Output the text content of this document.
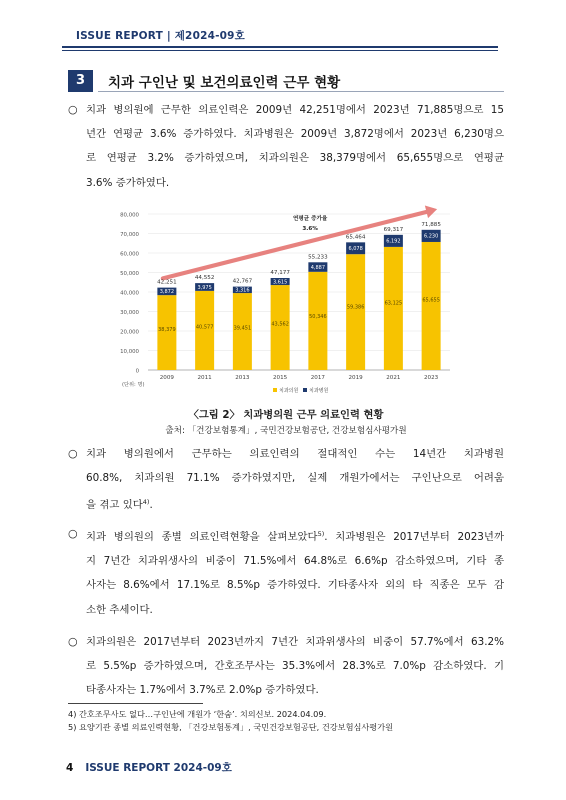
ISSUE REPORT | 제2024-09호
3	치과 구인난 및 보건의료인력 근무 현황
○ 치과 병의원에 근무한 의료인력은 2009년 42,251명에서 2023년 71,885명으로 15
년간 연평균 3.6% 증가하였다. 치과병원은 2009년 3,872명에서 2023년 6,230명으
로 연평균 3.2% 증가하였으며, 치과의원은 38,379명에서 65,655명으로 연평균
3.6% 증가하였다.
0
10,000
20,000
30,000
40,000
50,000
60,000
70,000
80,000
연평균 증가율
3.6%
38,379
3,872
42,251
2009
40,577
3,975
44,552
2011
39,451
3,316
42,767
2013
43,562
3,615
47,177
2015
50,346
4,887
55,233
2017
59,386
6,078
65,464
2019
63,125
6,192
69,317
2021
65,655
6,230
71,885
2023
(단위: 명)
치과의원 치과병원
〈그림 2〉 치과병의원 근무 의료인력 현황
출처: 「건강보험통계」, 국민건강보험공단, 건강보험심사평가원
○ 치과 병의원에서 근무하는 의료인력의 절대적인 수는 14년간 치과병원
60.8%, 치과의원 71.1% 증가하였지만, 실제 개원가에서는 구인난으로 어려움
을 겪고 있다$^{4)}$.
○ 치과 병의원의 종별 의료인력현황을 살펴보았다$^{5)}$. 치과병원은 2017년부터 2023년까
지 7년간 치과위생사의 비중이 71.5%에서 64.8%로 6.6%p 감소하였으며, 기타 종
사자는 8.6%에서 17.1%로 8.5%p 증가하였다. 기타종사자 외의 타 직종은 모두 감
소한 추세이다.
○ 치과의원은 2017년부터 2023년까지 7년간 치과위생사의 비중이 57.7%에서 63.2%
로 5.5%p 증가하였으며, 간호조무사는 35.3%에서 28.3%로 7.0%p 감소하였다. 기
타종사자는 1.7%에서 3.7%로 2.0%p 증가하였다.
4) 간호조무사도 없다…구인난에 개원가 ‘한숨’. 치의신보. 2024.04.09.
5) 요양기관 종별 의료인력현황, 「건강보험통계」, 국민건강보험공단, 건강보험심사평가원
4 ISSUE REPORT 2024-09호
